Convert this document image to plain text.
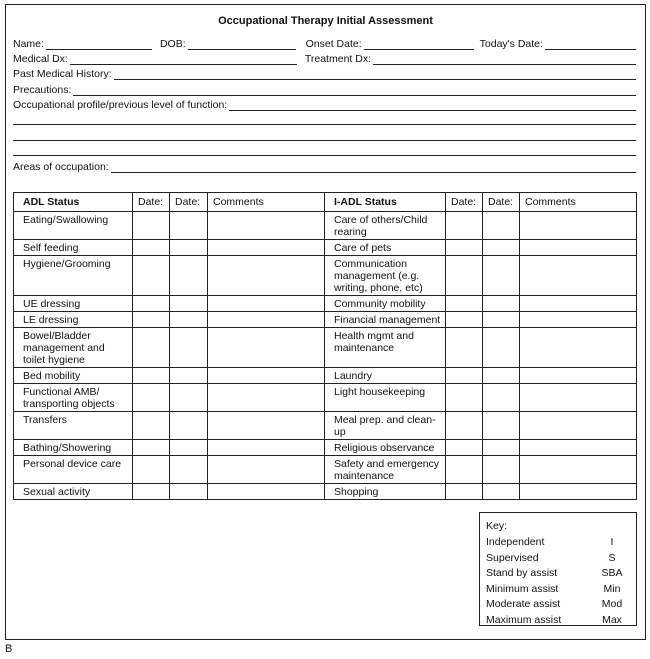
Occupational Therapy Initial Assessment
Name:	DOB:	Onset Date:	Today's Date:
Medical Dx:	Treatment Dx:
Past Medical History:
Precautions:
Occupational profile/previous level of function:
Areas of occupation:
ADL Status	Date:	Date:	Comments	I-ADL Status	Date:	Date:	Comments
Eating/Swallowing				Care of others/Child rearing			
Self feeding				Care of pets			
Hygiene/Grooming				Communication management (e.g. writing, phone, etc)			
UE dressing				Community mobility			
LE dressing				Financial management			
Bowel/Bladder management and toilet hygiene				Health mgmt and maintenance			
Bed mobility				Laundry			
Functional AMB/ transporting objects				Light housekeeping			
Transfers				Meal prep. and clean-up			
Bathing/Showering				Religious observance			
Personal device care				Safety and emergency maintenance			
Sexual activity				Shopping			
Key:
Independent	I
Supervised	S
Stand by assist	SBA
Minimum assist	Min
Moderate assist	Mod
Maximum assist	Max
B
